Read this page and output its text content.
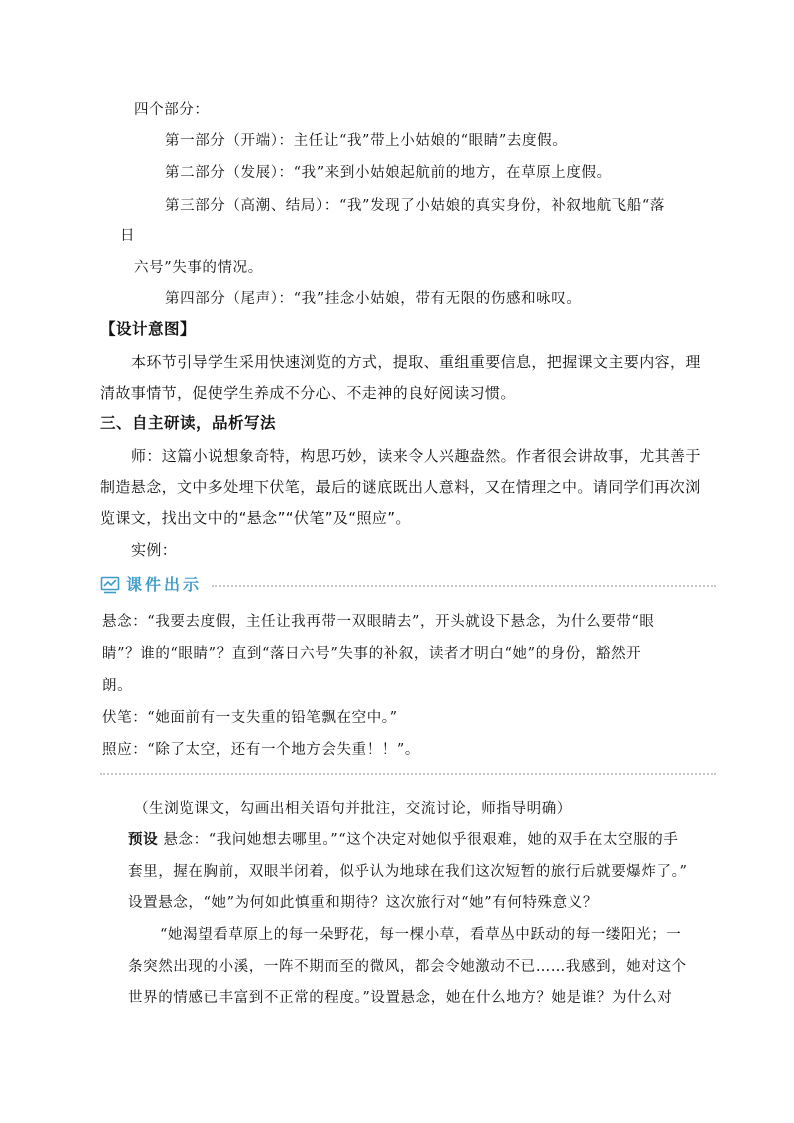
四个部分：

第一部分（开端）：主任让“我”带上小姑娘的“眼睛”去度假。

第二部分（发展）：“我”来到小姑娘起航前的地方，在草原上度假。

第三部分（高潮、结局）：“我”发现了小姑娘的真实身份，补叙地航飞船“落

日

六号”失事的情况。

第四部分（尾声）：“我”挂念小姑娘，带有无限的伤感和咏叹。

【设计意图】

本环节引导学生采用快速浏览的方式，提取、重组重要信息，把握课文主要内容，理

清故事情节，促使学生养成不分心、不走神的良好阅读习惯。

三、自主研读，品析写法

师：这篇小说想象奇特，构思巧妙，读来令人兴趣盎然。作者很会讲故事，尤其善于

制造悬念，文中多处埋下伏笔，最后的谜底既出人意料，又在情理之中。请同学们再次浏

览课文，找出文中的“悬念”“伏笔”及“照应”。

实例：

课件出示

悬念：“我要去度假，主任让我再带一双眼睛去”，开头就设下悬念，为什么要带“眼

睛”？谁的“眼睛”？直到“落日六号”失事的补叙，读者才明白“她”的身份，豁然开

朗。

伏笔：“她面前有一支失重的铅笔飘在空中。”

照应：“除了太空，还有一个地方会失重！！”。

（生浏览课文，勾画出相关语句并批注，交流讨论，师指导明确）

预设 悬念：“我问她想去哪里。”“这个决定对她似乎很艰难，她的双手在太空服的手

套里，握在胸前，双眼半闭着，似乎认为地球在我们这次短暂的旅行后就要爆炸了。”

设置悬念，“她”为何如此慎重和期待？这次旅行对“她”有何特殊意义？

“她渴望看草原上的每一朵野花，每一棵小草，看草丛中跃动的每一缕阳光；一

条突然出现的小溪，一阵不期而至的微风，都会令她激动不已……我感到，她对这个

世界的情感已丰富到不正常的程度。”设置悬念，她在什么地方？她是谁？为什么对
